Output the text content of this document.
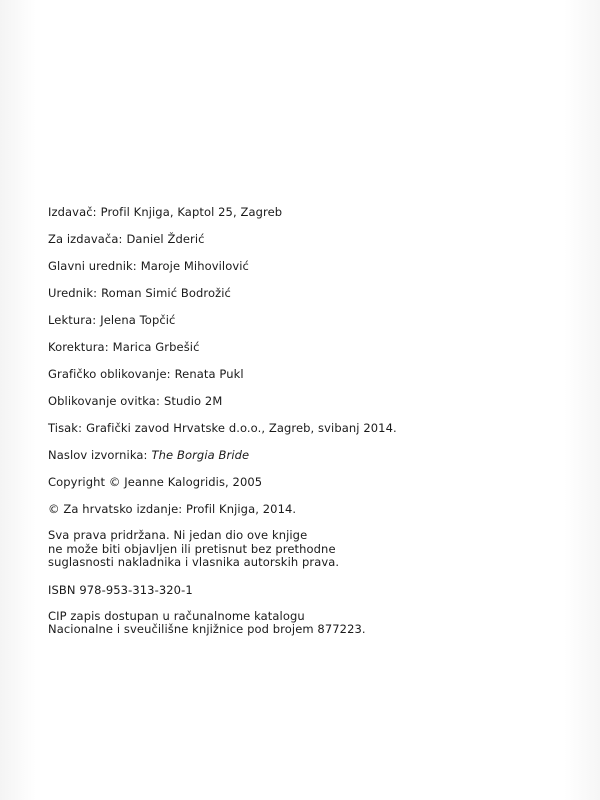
Izdavač : Profil Knjiga, Kaptol 25, Zagreb
Za izdavača : Daniel Žderić
Glavni urednik : Maroje Mihovilović
Urednik : Roman Simić Bodrožić
Lektura : Jelena Topčić
Korektura : Marica Grbešić
Grafičko oblikovanje : Renata Pukl
Oblikovanje ovitka : Studio 2M
Tisak : Grafički zavod Hrvatske d.o.o., Zagreb, svibanj 2014.
Naslov izvornika : The Borgia Bride
Copyright © Jeanne Kalogridis, 2005
© Za hrvatsko izdanje: Profil Knjiga, 2014.
Sva prava pridržana. Ni jedan dio ove knjige
ne može biti objavljen ili pretisnut bez prethodne
suglasnosti nakladnika i vlasnika autorskih prava.
ISBN 978-953-313-320-1
CIP zapis dostupan u računalnome katalogu
Nacionalne i sveučilišne knjižnice pod brojem 877223.
